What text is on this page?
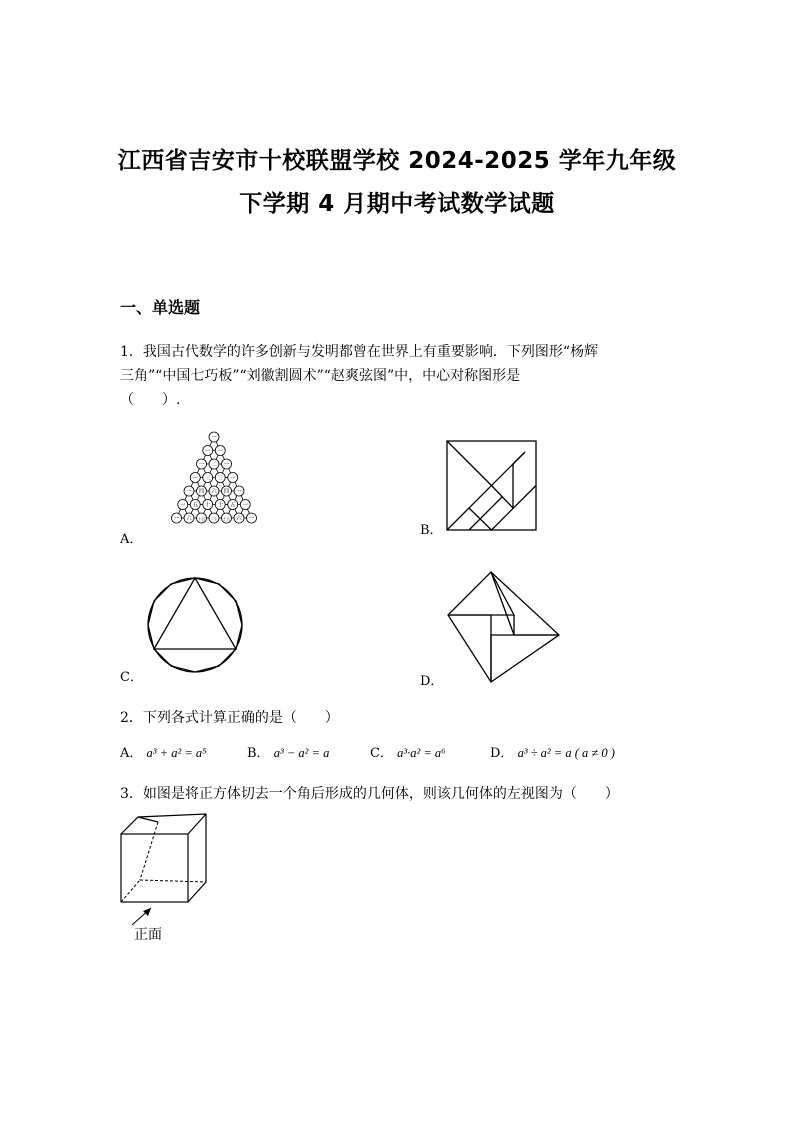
江西省吉安市十校联盟学校 2024-2025 学年九年级
下学期 4 月期中考试数学试题
一、单选题
1．我国古代数学的许多创新与发明都曾在世界上有重要影响．下列图形“杨辉
三角”“中国七巧板”“刘徽割圆术”“赵爽弦图”中，中心对称图形是
（　　）.
一
一 一
一 二 一
一 三 三 一
一 四 六 四 一
一 五 十 十 五 一
一 六 十五 二十 十五 六 一
A．
B．
C．	D．
2．下列各式计算正确的是（　　）
A． a³ + a² = a⁵	B． a³ − a² = a	C． a³·a² = a⁶	D． a³ ÷ a² = a ( a ≠ 0 )
3．如图是将正方体切去一个角后形成的几何体，则该几何体的左视图为（　　）
正面
